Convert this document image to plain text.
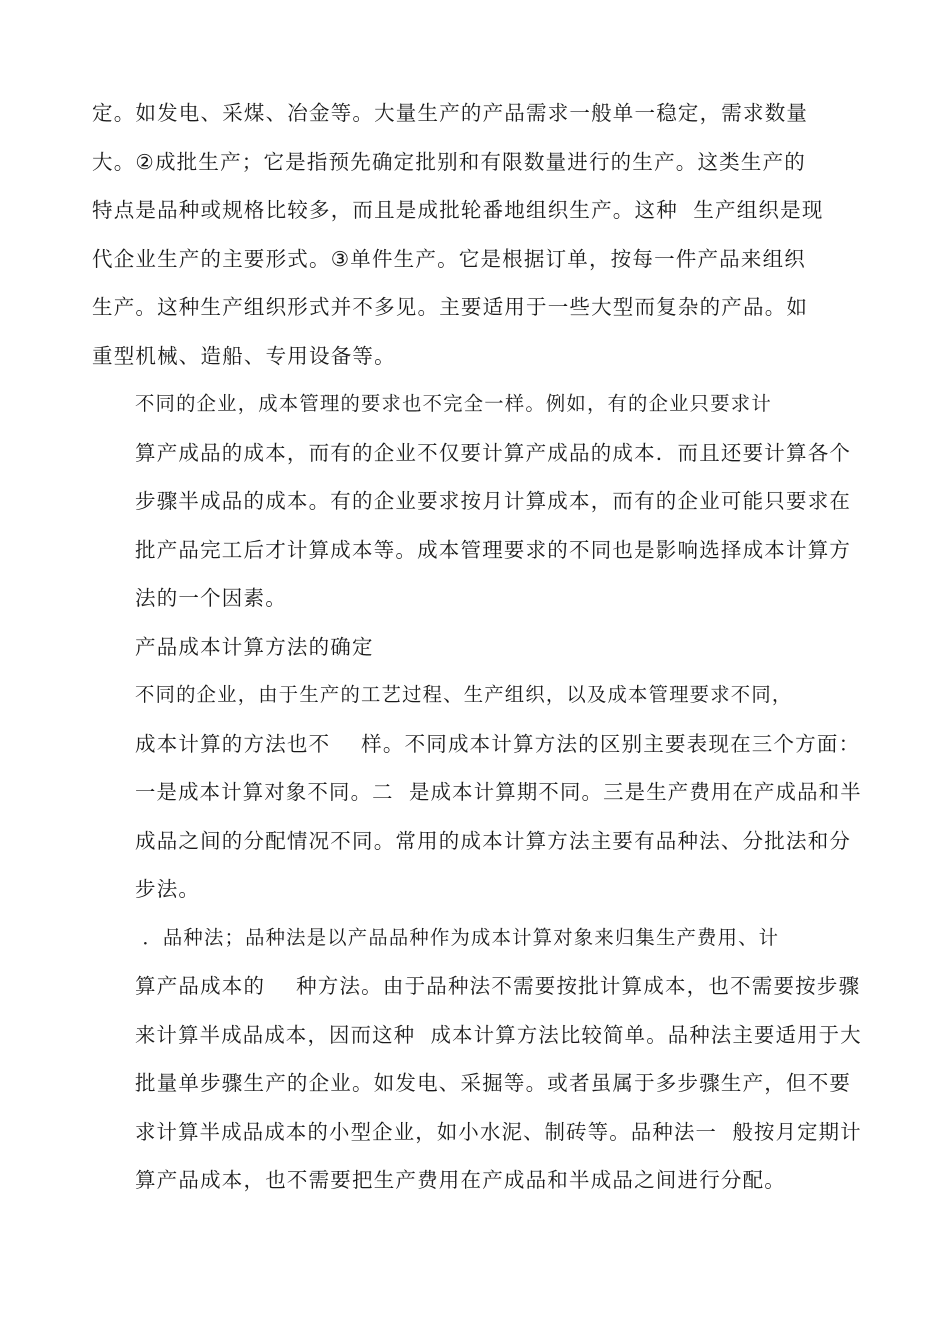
定。如发电、采煤、冶金等。大量生产的产品需求一般单一稳定，需求数量
大。②成批生产；它是指预先确定批别和有限数量进行的生产。这类生产的
特点是品种或规格比较多，而且是成批轮番地组织生产。这种  生产组织是现
代企业生产的主要形式。③单件生产。它是根据订单，按每一件产品来组织
生产。这种生产组织形式并不多见。主要适用于一些大型而复杂的产品。如
重型机械、造船、专用设备等。
不同的企业，成本管理的要求也不完全一样。例如，有的企业只要求计
算产成品的成本，而有的企业不仅要计算产成品的成本．而且还要计算各个
步骤半成品的成本。有的企业要求按月计算成本，而有的企业可能只要求在
批产品完工后才计算成本等。成本管理要求的不同也是影响选择成本计算方
法的一个因素。
产品成本计算方法的确定
不同的企业，由于生产的工艺过程、生产组织，以及成本管理要求不同，
成本计算的方法也不    样。不同成本计算方法的区别主要表现在三个方面：
一是成本计算对象不同。二  是成本计算期不同。三是生产费用在产成品和半
成品之间的分配情况不同。常用的成本计算方法主要有品种法、分批法和分
步法。
．品种法；品种法是以产品品种作为成本计算对象来归集生产费用、计
算产品成本的    种方法。由于品种法不需要按批计算成本，也不需要按步骤
来计算半成品成本，因而这种  成本计算方法比较简单。品种法主要适用于大
批量单步骤生产的企业。如发电、采掘等。或者虽属于多步骤生产，但不要
求计算半成品成本的小型企业，如小水泥、制砖等。品种法一  般按月定期计
算产品成本，也不需要把生产费用在产成品和半成品之间进行分配。
